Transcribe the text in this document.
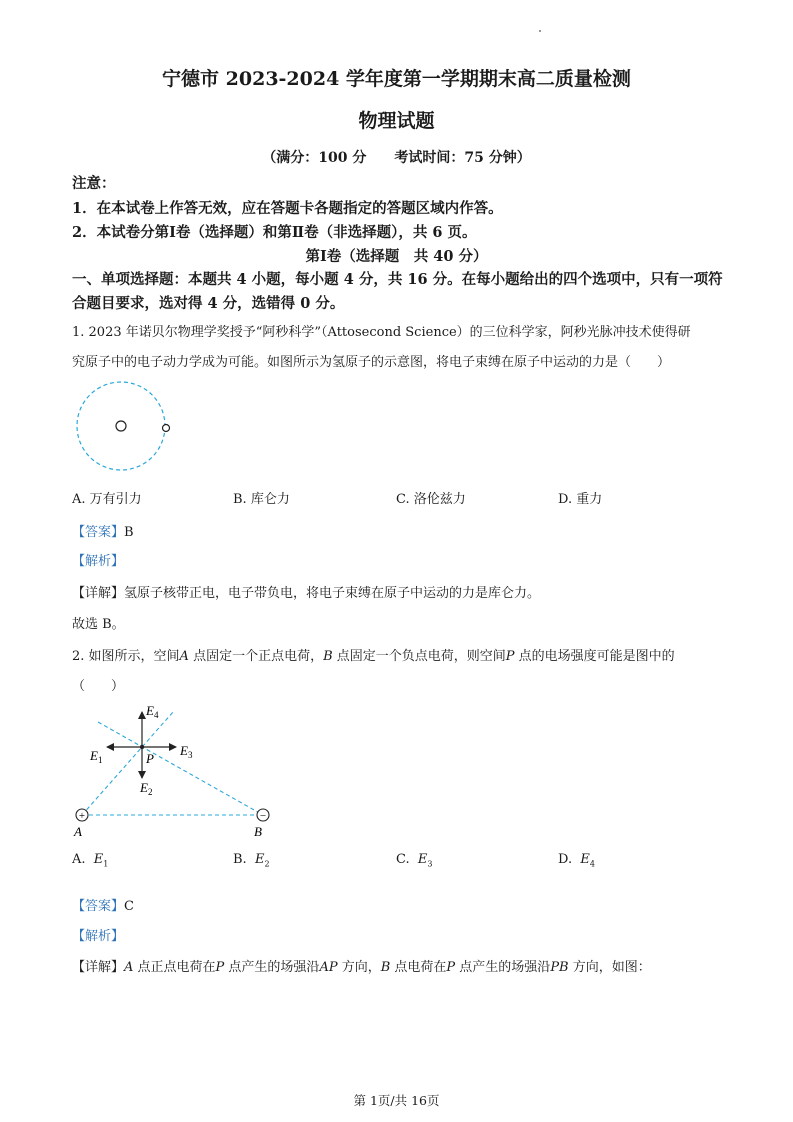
宁德市 2023-2024 学年度第一学期期末高二质量检测
物理试题
（满分：100 分　　考试时间：75 分钟）
注意：
1．在本试卷上作答无效，应在答题卡各题指定的答题区域内作答。
2．本试卷分第Ⅰ卷（选择题）和第Ⅱ卷（非选择题），共 6 页。
第Ⅰ卷（选择题　共 40 分）
一、单项选择题：本题共 4 小题，每小题 4 分，共 16 分。在每小题给出的四个选项中，只有一项符合题目要求，选对得 4 分，选错得 0 分。
1. 2023 年诺贝尔物理学奖授予“阿秒科学”（Attosecond Science）的三位科学家，阿秒光脉冲技术使得研
究原子中的电子动力学成为可能。如图所示为氢原子的示意图，将电子束缚在原子中运动的力是（　　）
A. 万有引力	B. 库仑力	C. 洛伦兹力	D. 重力
【答案】B
【解析】
【详解】氢原子核带正电，电子带负电，将电子束缚在原子中运动的力是库仑力。
故选 B。
2. 如图所示，空间A 点固定一个正点电荷，B 点固定一个负点电荷，则空间P 点的电场强度可能是图中的
（　　）
$E_4$
$E_1$
$E_3$
$E_2$
P
+	−
A	B
A. $E_1$	B. $E_2$	C. $E_3$	D. $E_4$
【答案】C
【解析】
【详解】A 点正点电荷在P 点产生的场强沿AP 方向，B 点电荷在P 点产生的场强沿PB 方向，如图：
第 1页/共 16页
